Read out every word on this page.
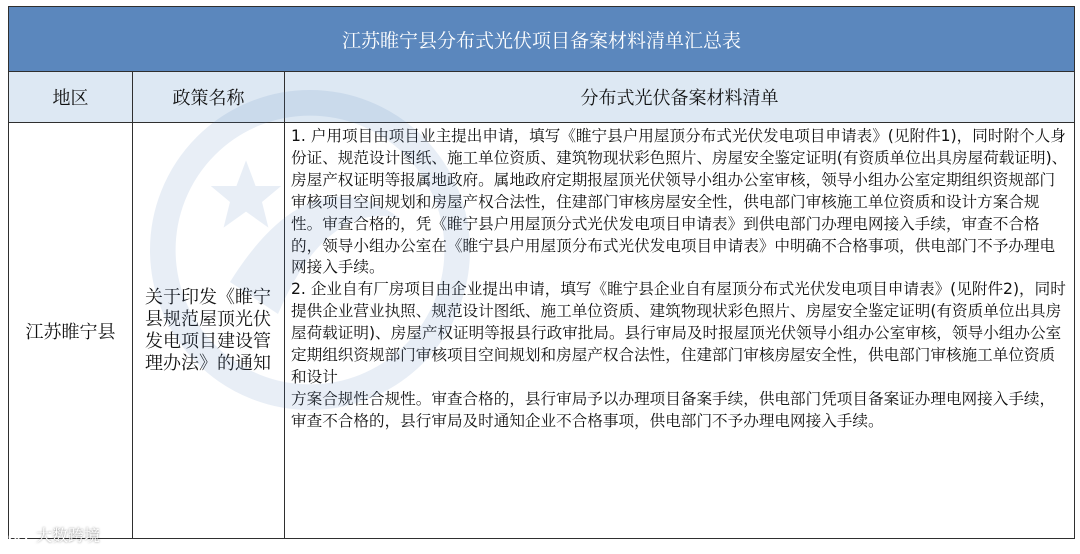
江苏睢宁县分布式光伏项目备案材料清单汇总表		
地区	政策名称	分布式光伏备案材料清单
江苏睢宁县	关于印发《睢宁县规范屋顶光伏发电项目建设管理办法》的通知	1. 户用项目由项目业主提出申请，填写《睢宁县户用屋顶分布式光伏发电项目申请表》(见附件1)，同时附个人身份证、规范设计图纸、施工单位资质、建筑物现状彩色照片、房屋安全鉴定证明(有资质单位出具房屋荷载证明)、房屋产权证明等报属地政府。属地政府定期报屋顶光伏领导小组办公室审核，领导小组办公室定期组织资规部门审核项目空间规划和房屋产权合法性，住建部门审核房屋安全性，供电部门审核施工单位资质和设计方案合规性。审查合格的，凭《睢宁县户用屋顶分式光伏发电项目申请表》到供电部门办理电网接入手续，审查不合格的，领导小组办公室在《睢宁县户用屋顶分布式光伏发电项目申请表》中明确不合格事项，供电部门不予办理电网接入手续。

2. 企业自有厂房项目由企业提出申请，填写《睢宁县企业自有屋顶分布式光伏发电项目申请表》(见附件2)，同时提供企业营业执照、规范设计图纸、施工单位资质、建筑物现状彩色照片、房屋安全鉴定证明(有资质单位出具房屋荷载证明)、房屋产权证明等报县行政审批局。县行审局及时报屋顶光伏领导小组办公室审核，领导小组办公室定期组织资规部门审核项目空间规划和房屋产权合法性，住建部门审核房屋安全性，供电部门审核施工单位资质和设计

方案合规性合规性。审查合格的，县行审局予以办理项目备案手续，供电部门凭项目备案证办理电网接入手续，审查不合格的，县行审局及时通知企业不合格事项，供电部门不予办理电网接入手续。

大数跨境
